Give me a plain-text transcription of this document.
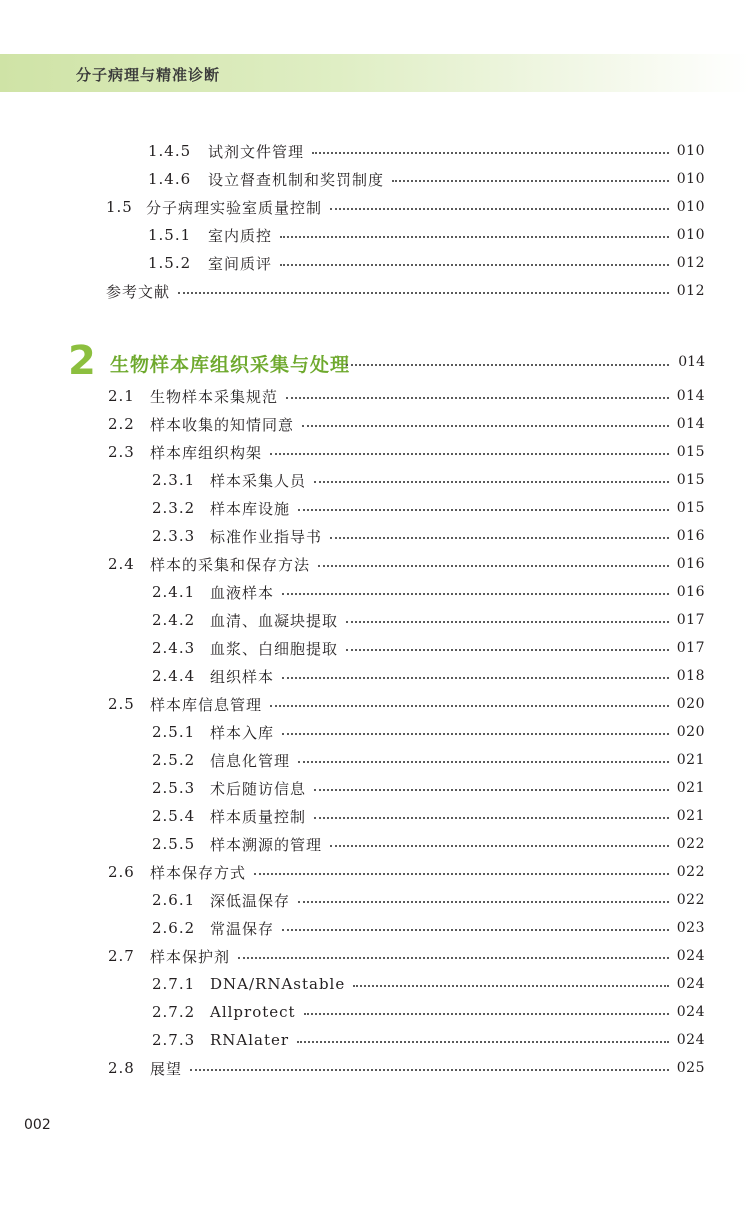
分子病理与精准诊断
1.4.5	试剂文件管理	010
1.4.6	设立督查机制和奖罚制度	010
1.5 分子病理实验室质量控制	010
1.5.1	室内质控	010
1.5.2	室间质评	012
参考文献	012
2 生物样本库组织采集与处理	014
2.1	生物样本采集规范	014
2.2	样本收集的知情同意	014
2.3	样本库组织构架	015
2.3.1 样本采集人员	015
2.3.2 样本库设施	015
2.3.3 标准作业指导书	016
2.4	样本的采集和保存方法	016
2.4.1 血液样本	016
2.4.2 血清、血凝块提取	017
2.4.3 血浆、白细胞提取	017
2.4.4 组织样本	018
2.5	样本库信息管理	020
2.5.1 样本入库	020
2.5.2 信息化管理	021
2.5.3 术后随访信息	021
2.5.4 样本质量控制	021
2.5.5 样本溯源的管理	022
2.6	样本保存方式	022
2.6.1 深低温保存	022
2.6.2 常温保存	023
2.7	样本保护剂	024
2.7.1 DNA/RNAstable	024
2.7.2 Allprotect	024
2.7.3 RNAlater	024
2.8	展望	025
002
